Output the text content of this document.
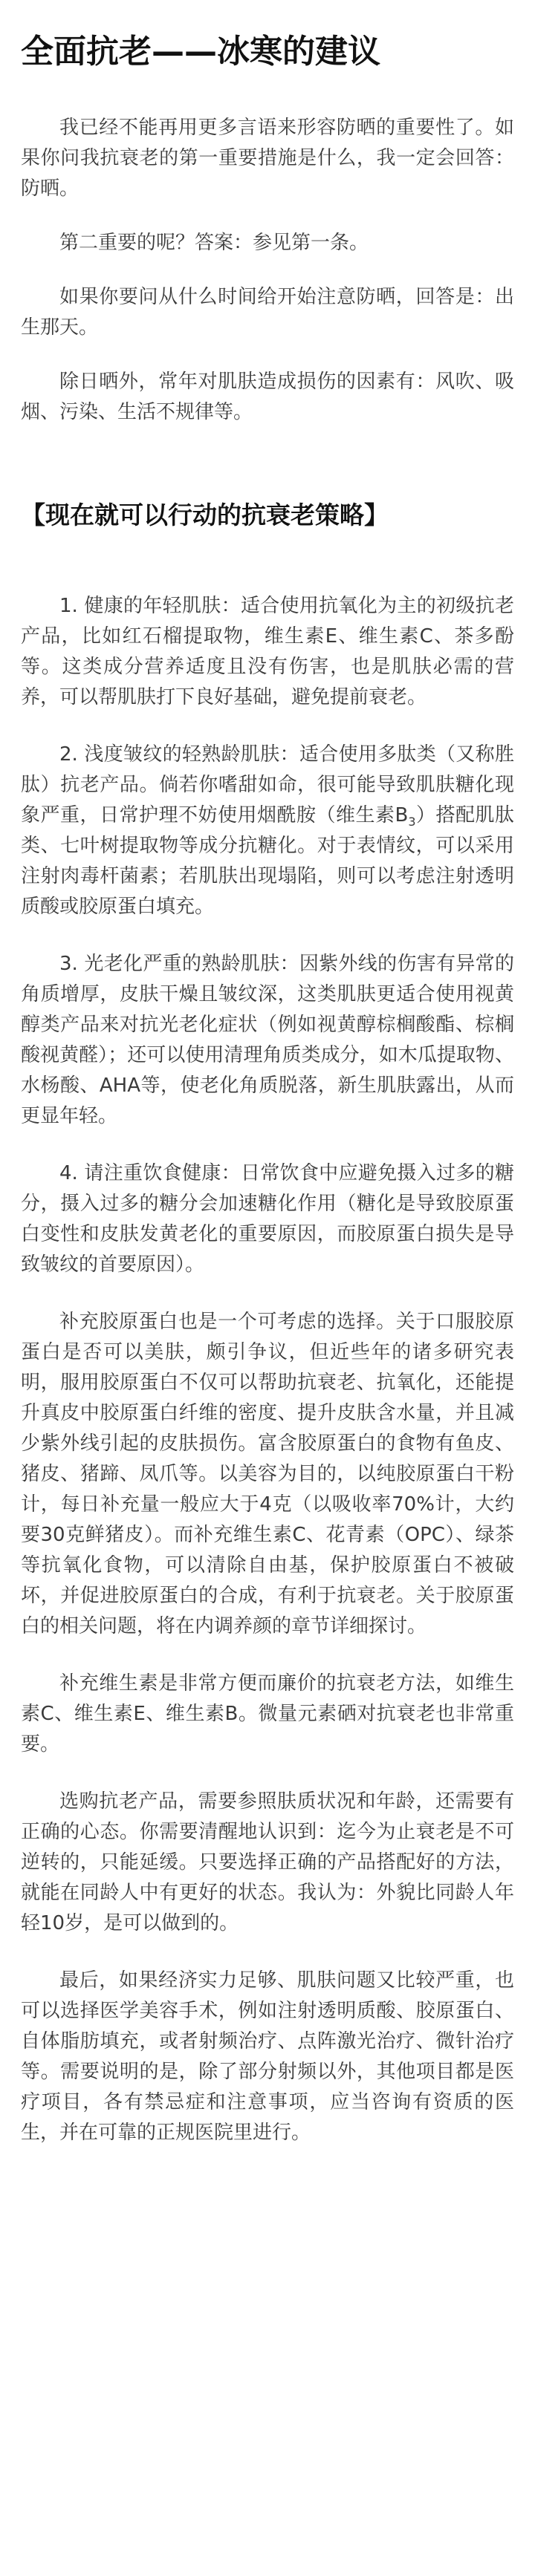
全面抗老——冰寒的建议

我已经不能再用更多言语来形容防晒的重要性了。如果你问我抗衰老的第一重要措施是什么，我一定会回答：防晒。

第二重要的呢？答案：参见第一条。

如果你要问从什么时间给开始注意防晒，回答是：出生那天。

除日晒外，常年对肌肤造成损伤的因素有：风吹、吸烟、污染、生活不规律等。

【现在就可以行动的抗衰老策略】

1. 健康的年轻肌肤：适合使用抗氧化为主的初级抗老产品，比如红石榴提取物，维生素E、维生素C、茶多酚等。这类成分营养适度且没有伤害，也是肌肤必需的营养，可以帮肌肤打下良好基础，避免提前衰老。

2. 浅度皱纹的轻熟龄肌肤：适合使用多肽类（又称胜肽）抗老产品。倘若你嗜甜如命，很可能导致肌肤糖化现象严重，日常护理不妨使用烟酰胺（维生素$B_3$）搭配肌肽类、七叶树提取物等成分抗糖化。对于表情纹，可以采用注射肉毒杆菌素；若肌肤出现塌陷，则可以考虑注射透明质酸或胶原蛋白填充。

3. 光老化严重的熟龄肌肤：因紫外线的伤害有异常的角质增厚，皮肤干燥且皱纹深，这类肌肤更适合使用视黄醇类产品来对抗光老化症状（例如视黄醇棕榈酸酯、棕榈酸视黄醛）；还可以使用清理角质类成分，如木瓜提取物、水杨酸、AHA等，使老化角质脱落，新生肌肤露出，从而更显年轻。

4. 请注重饮食健康：日常饮食中应避免摄入过多的糖分，摄入过多的糖分会加速糖化作用（糖化是导致胶原蛋白变性和皮肤发黄老化的重要原因，而胶原蛋白损失是导致皱纹的首要原因）。

补充胶原蛋白也是一个可考虑的选择。关于口服胶原蛋白是否可以美肤，颇引争议，但近些年的诸多研究表明，服用胶原蛋白不仅可以帮助抗衰老、抗氧化，还能提升真皮中胶原蛋白纤维的密度、提升皮肤含水量，并且减少紫外线引起的皮肤损伤。富含胶原蛋白的食物有鱼皮、猪皮、猪蹄、凤爪等。以美容为目的，以纯胶原蛋白干粉计，每日补充量一般应大于4克（以吸收率70%计，大约要30克鲜猪皮）。而补充维生素C、花青素（OPC）、绿茶等抗氧化食物，可以清除自由基，保护胶原蛋白不被破坏，并促进胶原蛋白的合成，有利于抗衰老。关于胶原蛋白的相关问题，将在内调养颜的章节详细探讨。

补充维生素是非常方便而廉价的抗衰老方法，如维生素C、维生素E、维生素B。微量元素硒对抗衰老也非常重要。

选购抗老产品，需要参照肤质状况和年龄，还需要有正确的心态。你需要清醒地认识到：迄今为止衰老是不可逆转的，只能延缓。只要选择正确的产品搭配好的方法，就能在同龄人中有更好的状态。我认为：外貌比同龄人年轻10岁，是可以做到的。

最后，如果经济实力足够、肌肤问题又比较严重，也可以选择医学美容手术，例如注射透明质酸、胶原蛋白、自体脂肪填充，或者射频治疗、点阵激光治疗、微针治疗等。需要说明的是，除了部分射频以外，其他项目都是医疗项目，各有禁忌症和注意事项，应当咨询有资质的医生，并在可靠的正规医院里进行。
